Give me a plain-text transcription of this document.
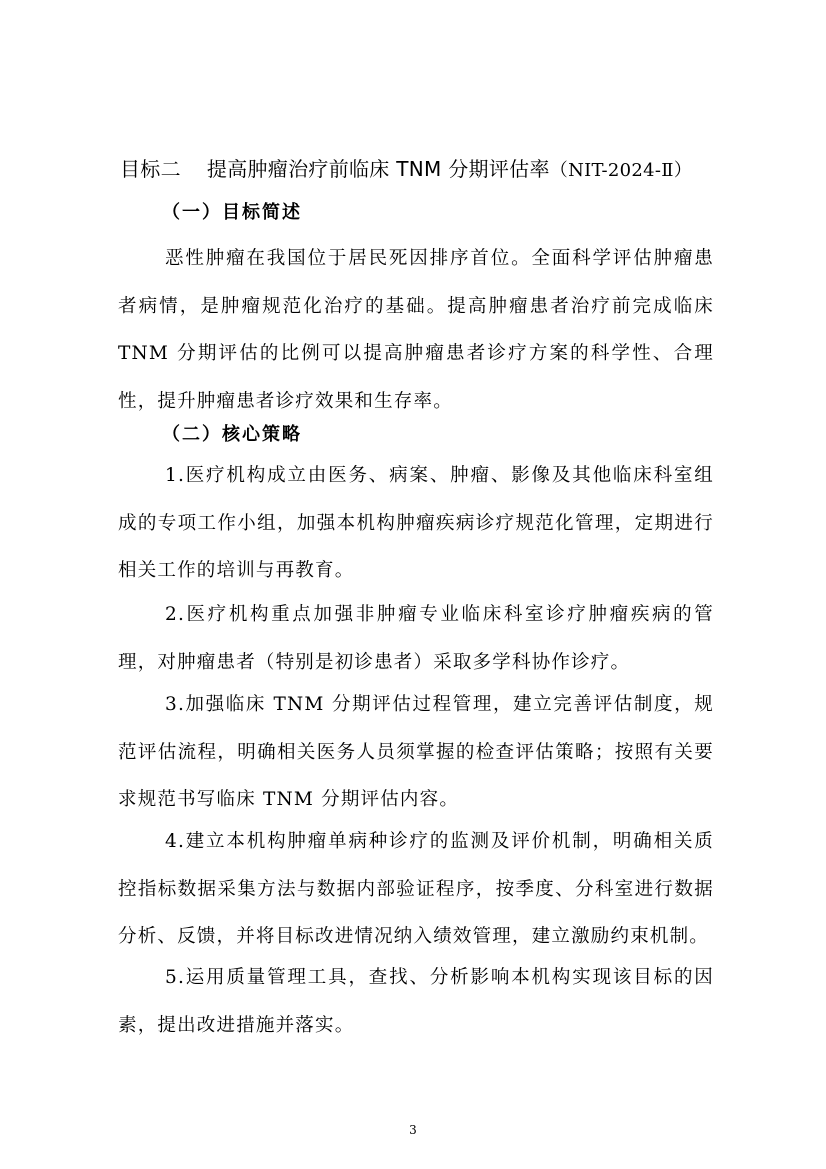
目标二 提高肿瘤治疗前临床 TNM 分期评估率（NIT-2024-Ⅱ）
（一）目标简述

恶性肿瘤在我国位于居民死因排序首位。全面科学评估肿瘤患者病情，是肿瘤规范化治疗的基础。提高肿瘤患者治疗前完成临床 TNM 分期评估的比例可以提高肿瘤患者诊疗方案的科学性、合理性，提升肿瘤患者诊疗效果和生存率。

（二）核心策略

1.医疗机构成立由医务、病案、肿瘤、影像及其他临床科室组成的专项工作小组，加强本机构肿瘤疾病诊疗规范化管理，定期进行相关工作的培训与再教育。

2.医疗机构重点加强非肿瘤专业临床科室诊疗肿瘤疾病的管理，对肿瘤患者（特别是初诊患者）采取多学科协作诊疗。

3.加强临床 TNM 分期评估过程管理，建立完善评估制度，规范评估流程，明确相关医务人员须掌握的检查评估策略；按照有关要求规范书写临床 TNM 分期评估内容。

4.建立本机构肿瘤单病种诊疗的监测及评价机制，明确相关质控指标数据采集方法与数据内部验证程序，按季度、分科室进行数据分析、反馈，并将目标改进情况纳入绩效管理，建立激励约束机制。

5.运用质量管理工具，查找、分析影响本机构实现该目标的因素，提出改进措施并落实。

3
